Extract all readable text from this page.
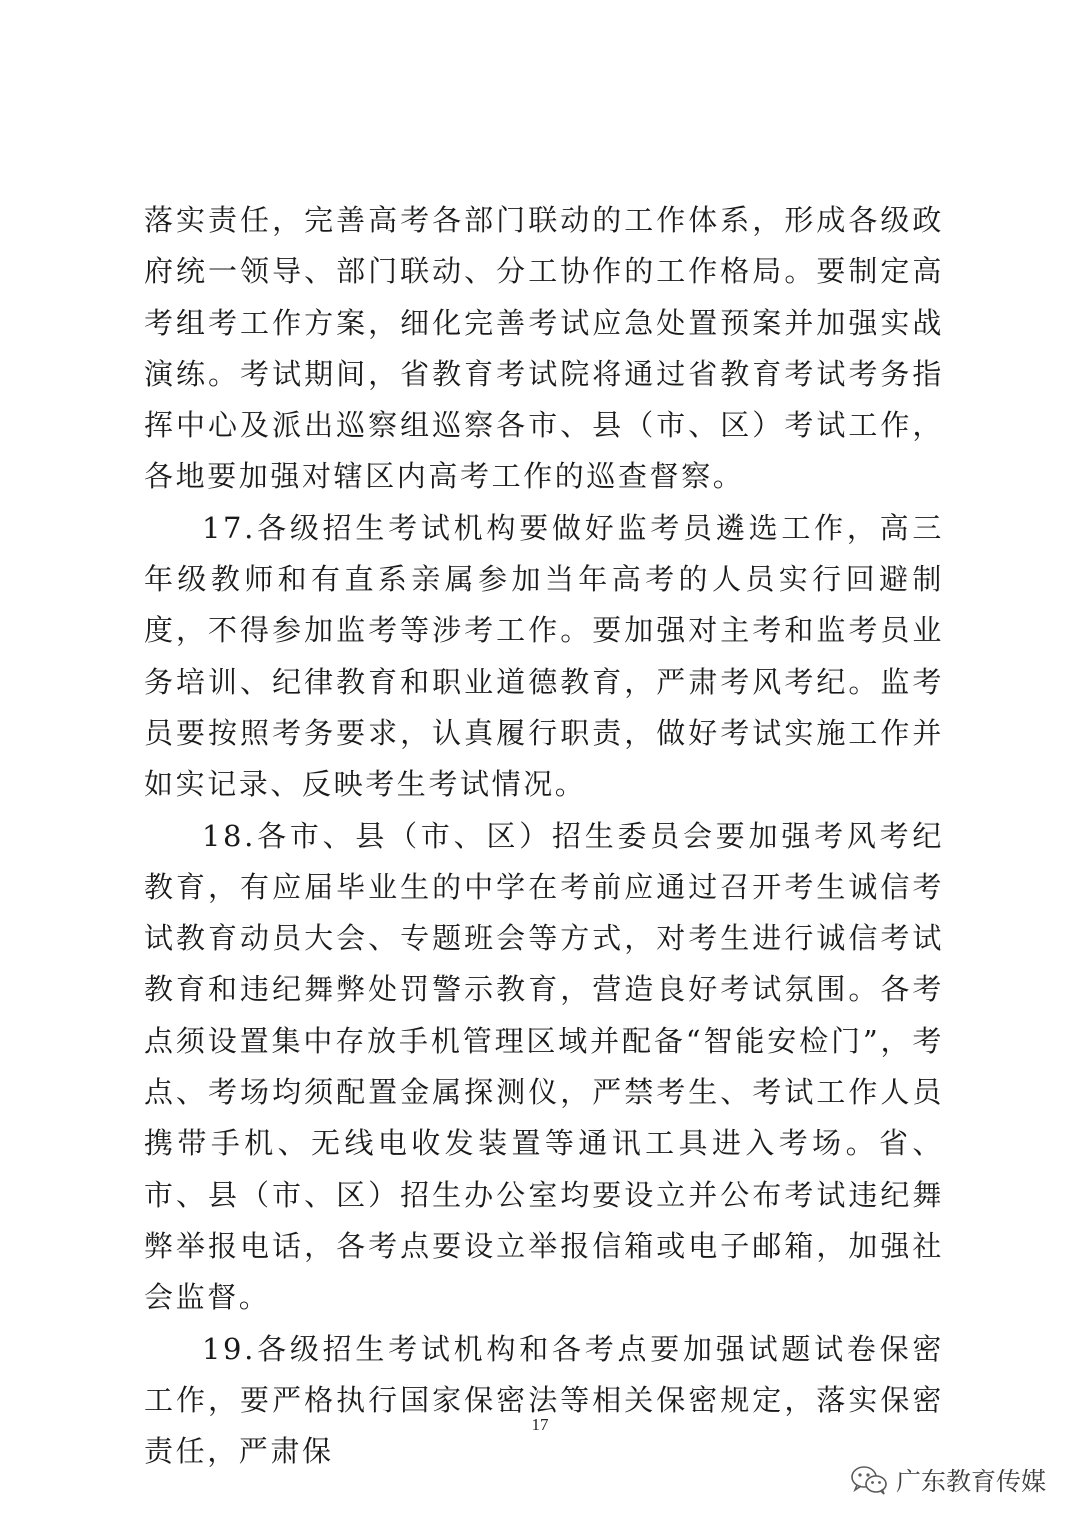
落实责任，完善高考各部门联动的工作体系，形成各级政府统一领导、部门联动、分工协作的工作格局。要制定高考组考工作方案，细化完善考试应急处置预案并加强实战演练。考试期间，省教育考试院将通过省教育考试考务指挥中心及派出巡察组巡察各市、县（市、区）考试工作，各地要加强对辖区内高考工作的巡查督察。

17.各级招生考试机构要做好监考员遴选工作，高三年级教师和有直系亲属参加当年高考的人员实行回避制度，不得参加监考等涉考工作。要加强对主考和监考员业务培训、纪律教育和职业道德教育，严肃考风考纪。监考员要按照考务要求，认真履行职责，做好考试实施工作并如实记录、反映考生考试情况。

18.各市、县（市、区）招生委员会要加强考风考纪教育，有应届毕业生的中学在考前应通过召开考生诚信考试教育动员大会、专题班会等方式，对考生进行诚信考试教育和违纪舞弊处罚警示教育，营造良好考试氛围。各考点须设置集中存放手机管理区域并配备“智能安检门”，考点、考场均须配置金属探测仪，严禁考生、考试工作人员携带手机、无线电收发装置等通讯工具进入考场。省、市、县（市、区）招生办公室均要设立并公布考试违纪舞弊举报电话，各考点要设立举报信箱或电子邮箱，加强社会监督。

19.各级招生考试机构和各考点要加强试题试卷保密工作，要严格执行国家保密法等相关保密规定，落实保密责任，严肃保

17
广东教育传媒
